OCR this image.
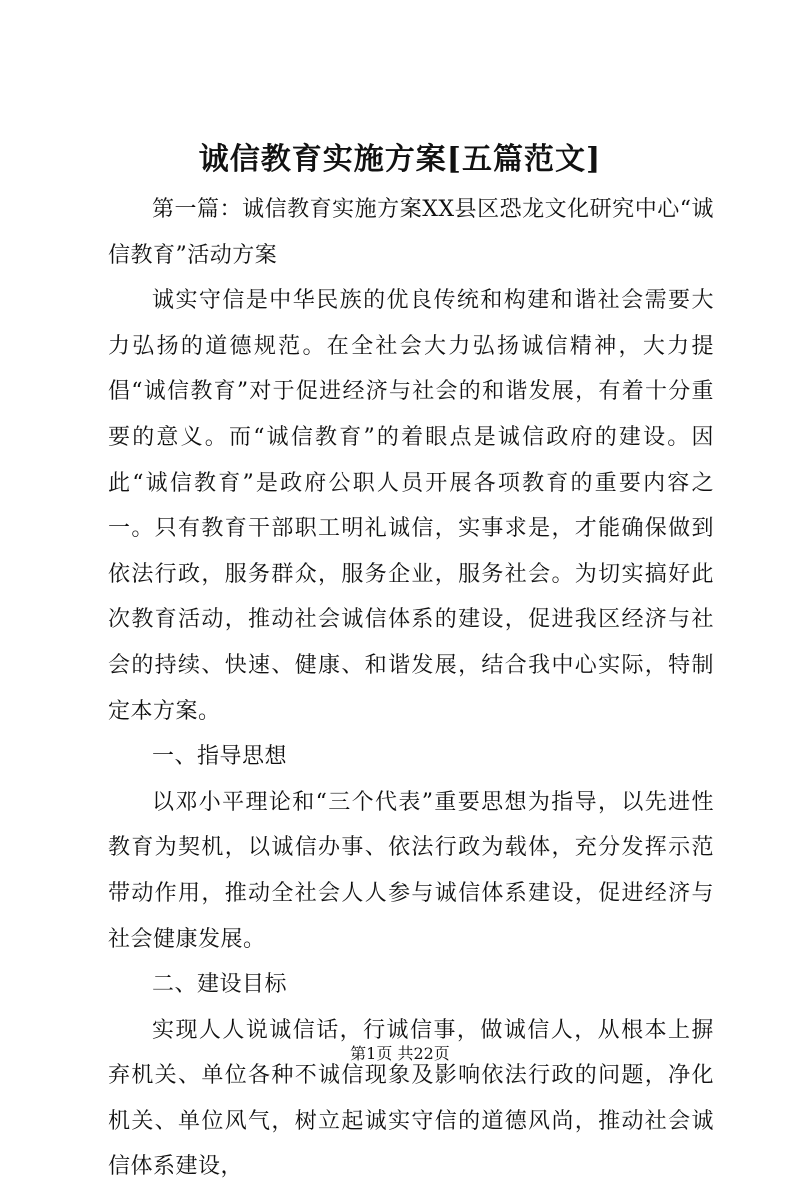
诚信教育实施方案[五篇范文]

第一篇：诚信教育实施方案XX县区恐龙文化研究中心“诚信教育”活动方案

诚实守信是中华民族的优良传统和构建和谐社会需要大力弘扬的道德规范。在全社会大力弘扬诚信精神，大力提倡“诚信教育”对于促进经济与社会的和谐发展，有着十分重要的意义。而“诚信教育”的着眼点是诚信政府的建设。因此“诚信教育”是政府公职人员开展各项教育的重要内容之一。只有教育干部职工明礼诚信，实事求是，才能确保做到依法行政，服务群众，服务企业，服务社会。为切实搞好此次教育活动，推动社会诚信体系的建设，促进我区经济与社会的持续、快速、健康、和谐发展，结合我中心实际，特制定本方案。

一、指导思想

以邓小平理论和“三个代表”重要思想为指导，以先进性教育为契机，以诚信办事、依法行政为载体，充分发挥示范带动作用，推动全社会人人参与诚信体系建设，促进经济与社会健康发展。

二、建设目标

实现人人说诚信话，行诚信事，做诚信人，从根本上摒弃机关、单位各种不诚信现象及影响依法行政的问题，净化机关、单位风气，树立起诚实守信的道德风尚，推动社会诚信体系建设，

第1页 共22页
